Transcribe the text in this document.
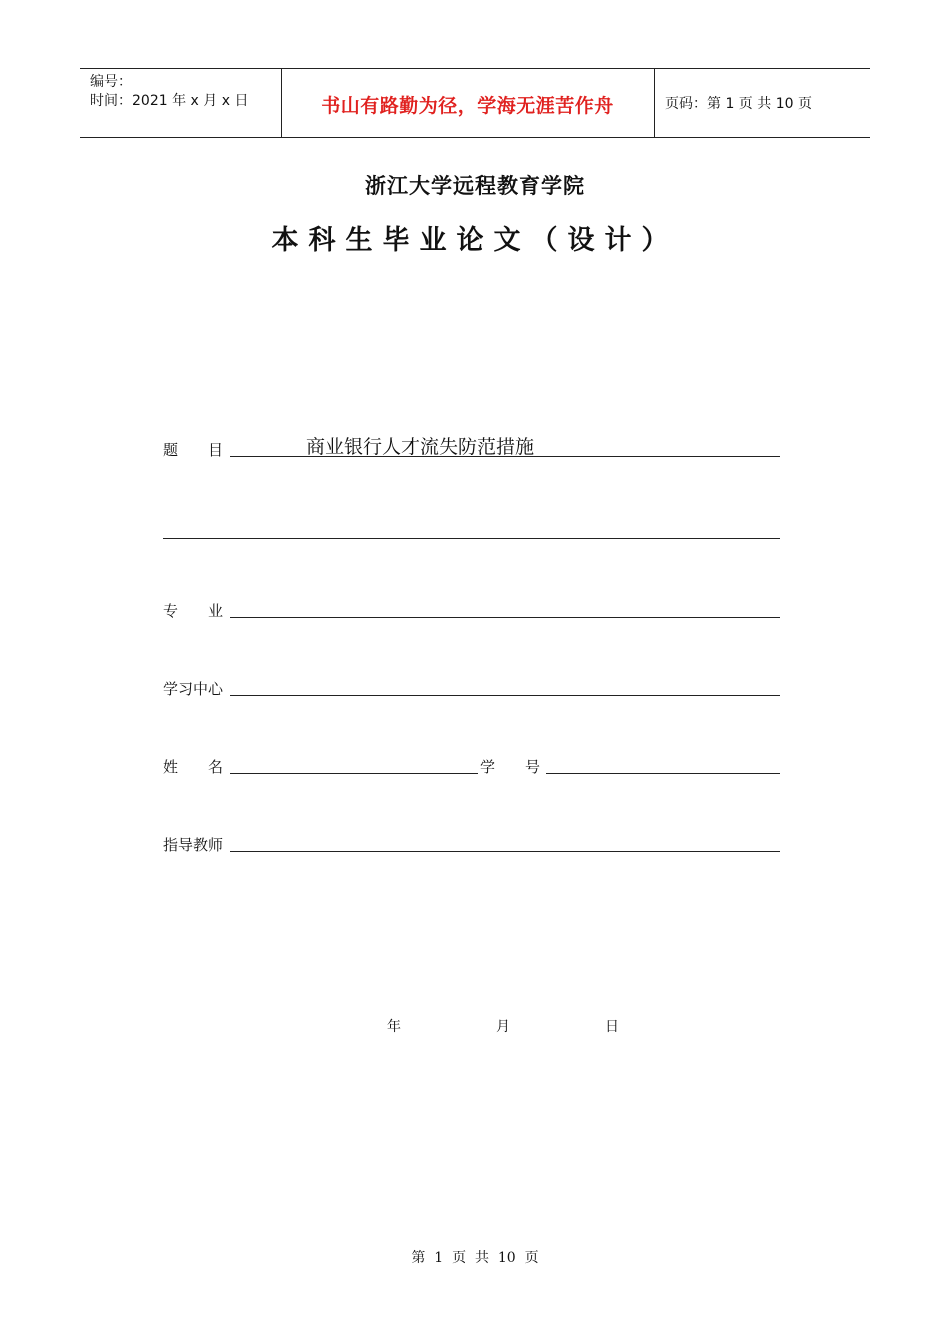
编号：
时间：2021 年 x 月 x 日	书山有路勤为径，学海无涯苦作舟	页码：第 1 页 共 10 页
浙江大学远程教育学院
本科生毕业论文（设计）
题　　目	商业银行人才流失防范措施
专　　业
学习中心
姓　　名	学　　号
指导教师
年	月	日
第  1  页  共  10  页
